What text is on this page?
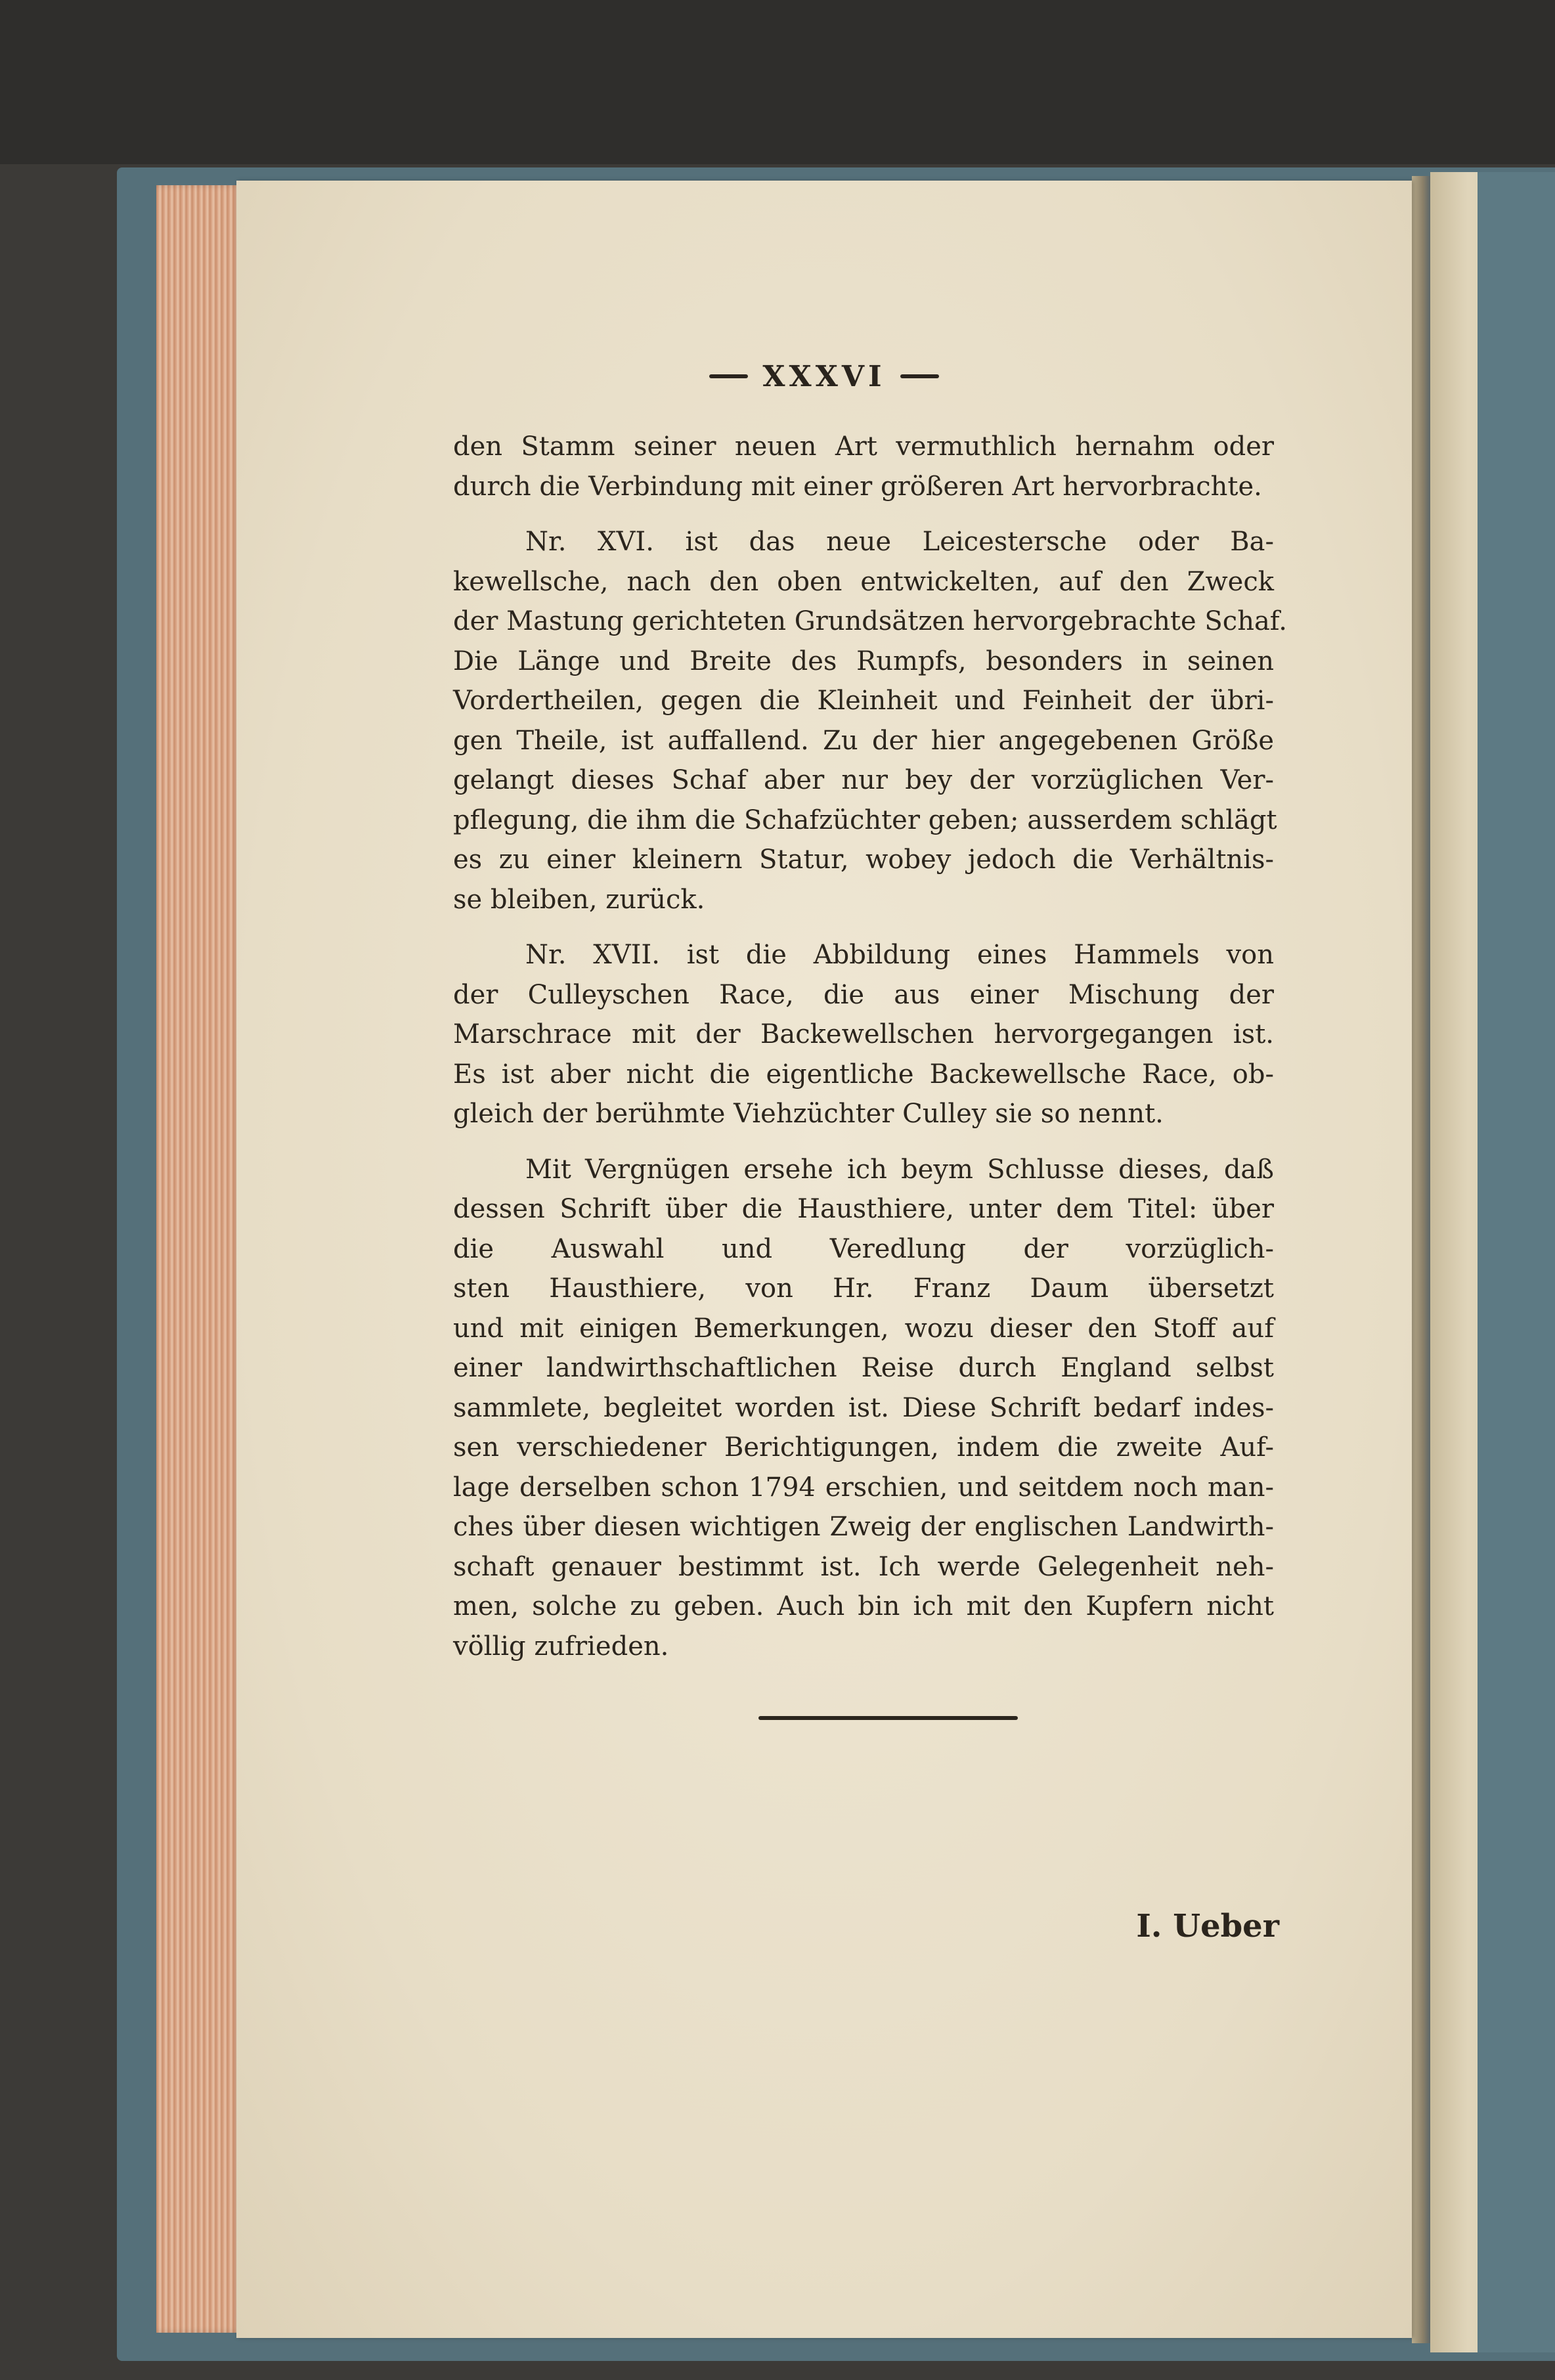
XXXVI
den Stamm seiner neuen Art vermuthlich hernahm oder
durch die Verbindung mit einer größeren Art hervorbrachte.
Nr. XVI. ist das neue Leicestersche oder Ba-
kewellsche, nach den oben entwickelten, auf den Zweck
der Mastung gerichteten Grundsätzen hervorgebrachte Schaf.
Die Länge und Breite des Rumpfs, besonders in seinen
Vordertheilen, gegen die Kleinheit und Feinheit der übri-
gen Theile, ist auffallend. Zu der hier angegebenen Größe
gelangt dieses Schaf aber nur bey der vorzüglichen Ver-
pflegung, die ihm die Schafzüchter geben; ausserdem schlägt
es zu einer kleinern Statur, wobey jedoch die Verhältnis-
se bleiben, zurück.
Nr. XVII. ist die Abbildung eines Hammels von
der Culleyschen Race, die aus einer Mischung der
Marschrace mit der Backewellschen hervorgegangen ist.
Es ist aber nicht die eigentliche Backewellsche Race, ob-
gleich der berühmte Viehzüchter Culley sie so nennt.
Mit Vergnügen ersehe ich beym Schlusse dieses, daß
dessen Schrift über die Hausthiere, unter dem Titel: über
die Auswahl und Veredlung der vorzüglich-
sten Hausthiere, von Hr. Franz Daum übersetzt
und mit einigen Bemerkungen, wozu dieser den Stoff auf
einer landwirthschaftlichen Reise durch England selbst
sammlete, begleitet worden ist. Diese Schrift bedarf indes-
sen verschiedener Berichtigungen, indem die zweite Auf-
lage derselben schon 1794 erschien, und seitdem noch man-
ches über diesen wichtigen Zweig der englischen Landwirth-
schaft genauer bestimmt ist. Ich werde Gelegenheit neh-
men, solche zu geben. Auch bin ich mit den Kupfern nicht
völlig zufrieden.
I. Ueber
